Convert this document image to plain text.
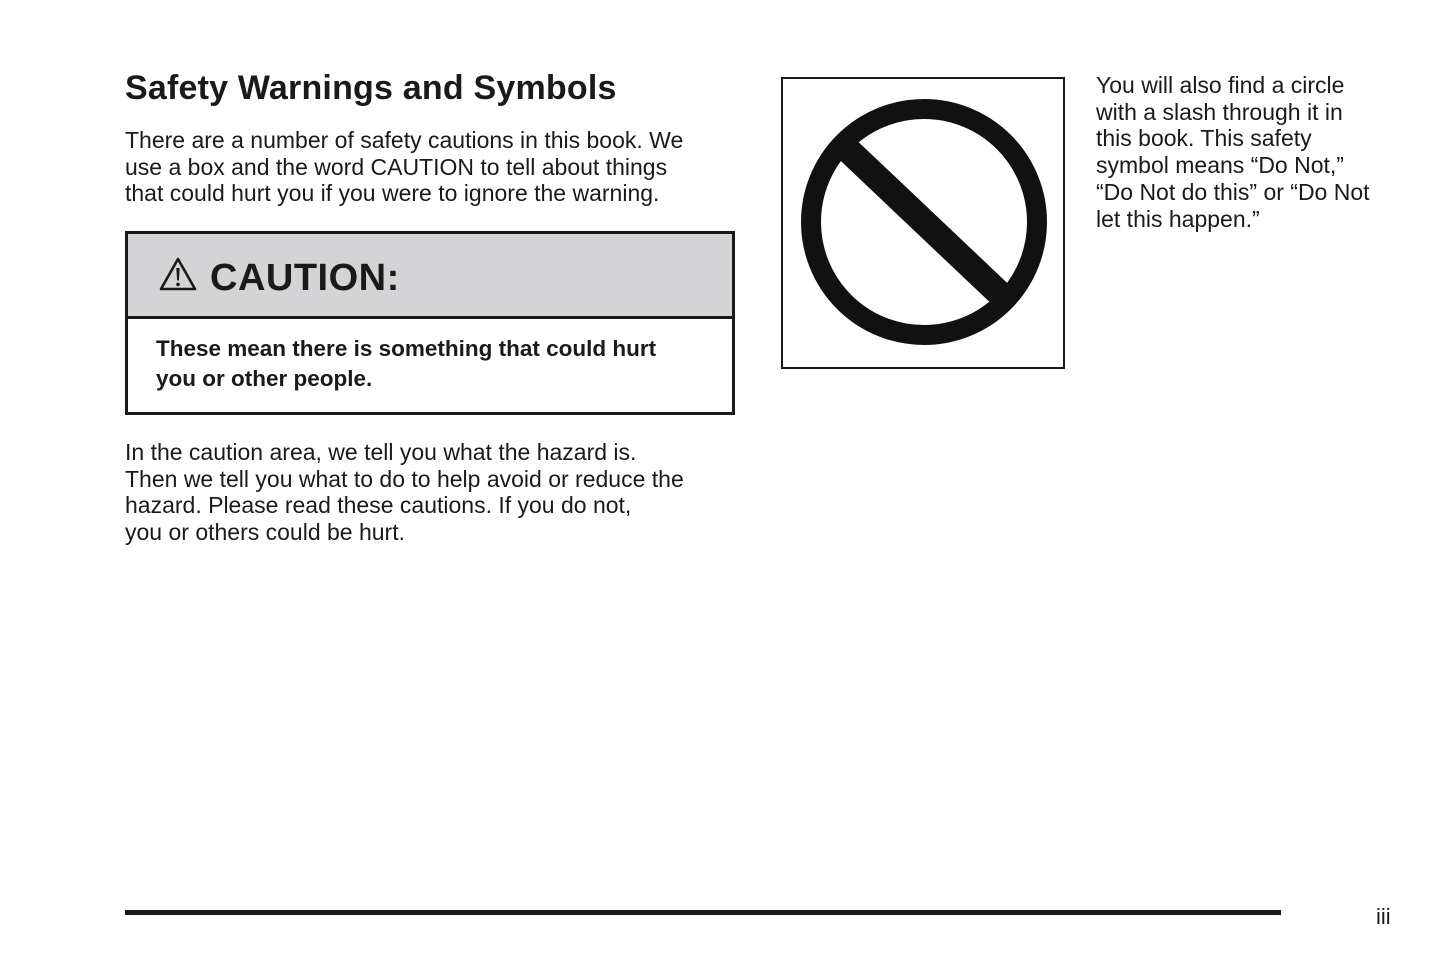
Safety Warnings and Symbols

There are a number of safety cautions in this book. We
use a box and the word CAUTION to tell about things
that could hurt you if you were to ignore the warning.

CAUTION:
These mean there is something that could hurt
you or other people.

In the caution area, we tell you what the hazard is.
Then we tell you what to do to help avoid or reduce the
hazard. Please read these cautions. If you do not,
you or others could be hurt.

You will also find a circle
with a slash through it in
this book. This safety
symbol means “Do Not,”
“Do Not do this” or “Do Not
let this happen.”

iii
